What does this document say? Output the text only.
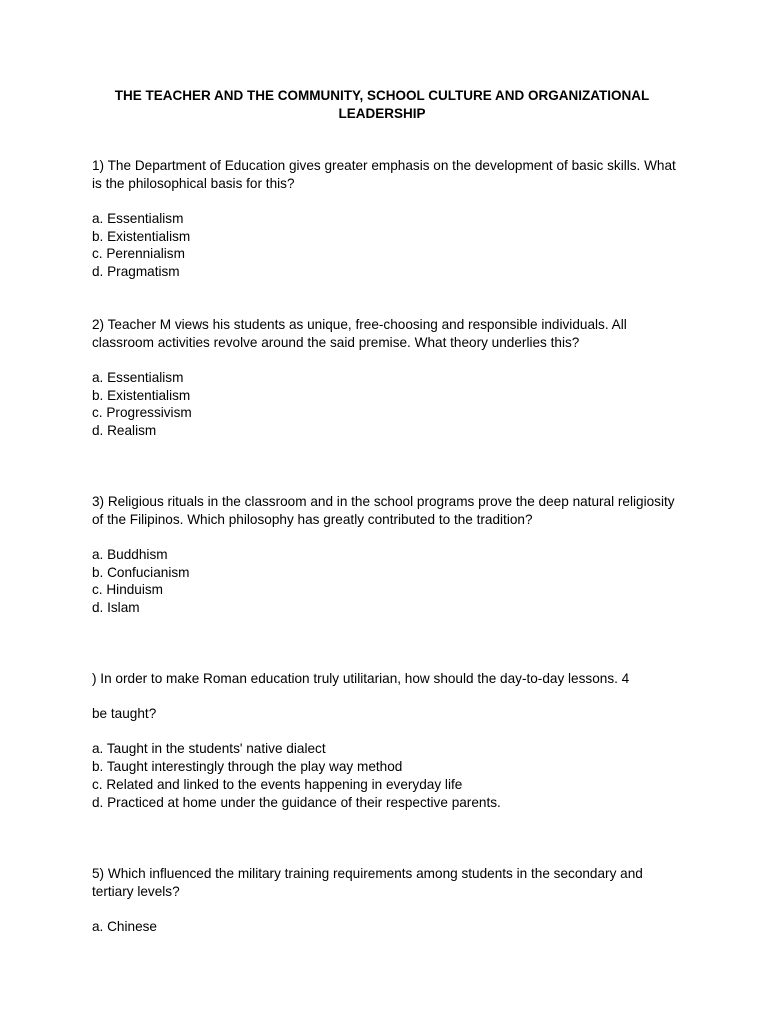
THE TEACHER AND THE COMMUNITY, SCHOOL CULTURE AND ORGANIZATIONAL LEADERSHIP

1) The Department of Education gives greater emphasis on the development of basic skills. What is the philosophical basis for this?

a. Essentialism
b. Existentialism
c. Perennialism
d. Pragmatism

2) Teacher M views his students as unique, free-choosing and responsible individuals. All classroom activities revolve around the said premise. What theory underlies this?

a. Essentialism
b. Existentialism
c. Progressivism
d. Realism

3) Religious rituals in the classroom and in the school programs prove the deep natural religiosity of the Filipinos. Which philosophy has greatly contributed to the tradition?

a. Buddhism
b. Confucianism
c. Hinduism
d. Islam

) In order to make Roman education truly utilitarian, how should the day-to-day lessons. 4

be taught?

a. Taught in the students' native dialect
b. Taught interestingly through the play way method
c. Related and linked to the events happening in everyday life
d. Practiced at home under the guidance of their respective parents.

5) Which influenced the military training requirements among students in the secondary and tertiary levels?

a. Chinese
